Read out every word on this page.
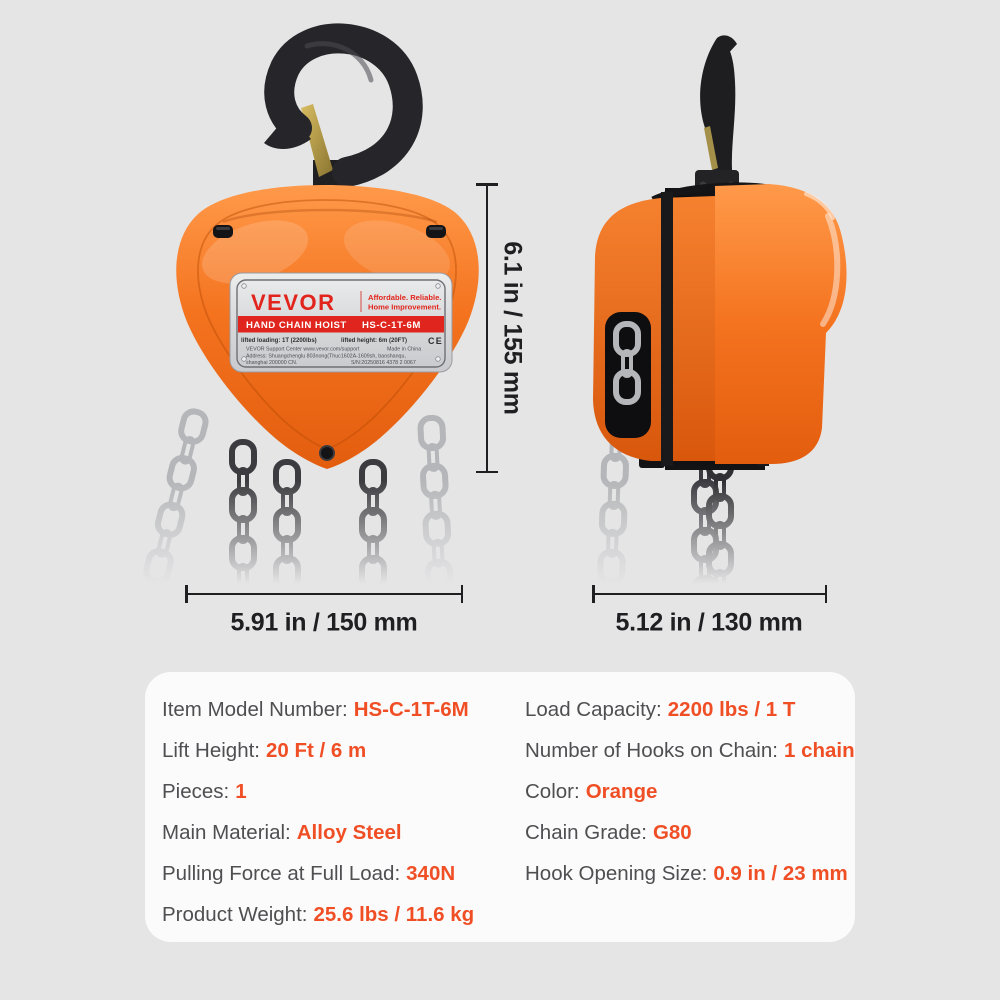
VEVOR	Affordable. Reliable.
Home Improvement.
HAND CHAIN HOIST HS-C-1T-6M
lifted loading: 1T (2200lbs)	lifted height: 6m (20FT) CE
VEVOR Support Center www.vevor.com/support	Made in China
Address: Shuangchenglu 803nong(Thuc1602A-1609sh, baoshanqu,
shanghai 200000 CN.	S/N:20250816 4378 2 0067	6.1 in / 155 mm
5.91 in / 150 mm	5.12 in / 130 mm
Item Model Number: HS-C-1T-6M
Lift Height: 20 Ft / 6 m
Pieces: 1
Main Material: Alloy Steel
Pulling Force at Full Load: 340N
Product Weight: 25.6 lbs / 11.6 kg
Load Capacity: 2200 lbs / 1 T
Number of Hooks on Chain: 1 chain
Color: Orange
Chain Grade: G80
Hook Opening Size: 0.9 in / 23 mm
